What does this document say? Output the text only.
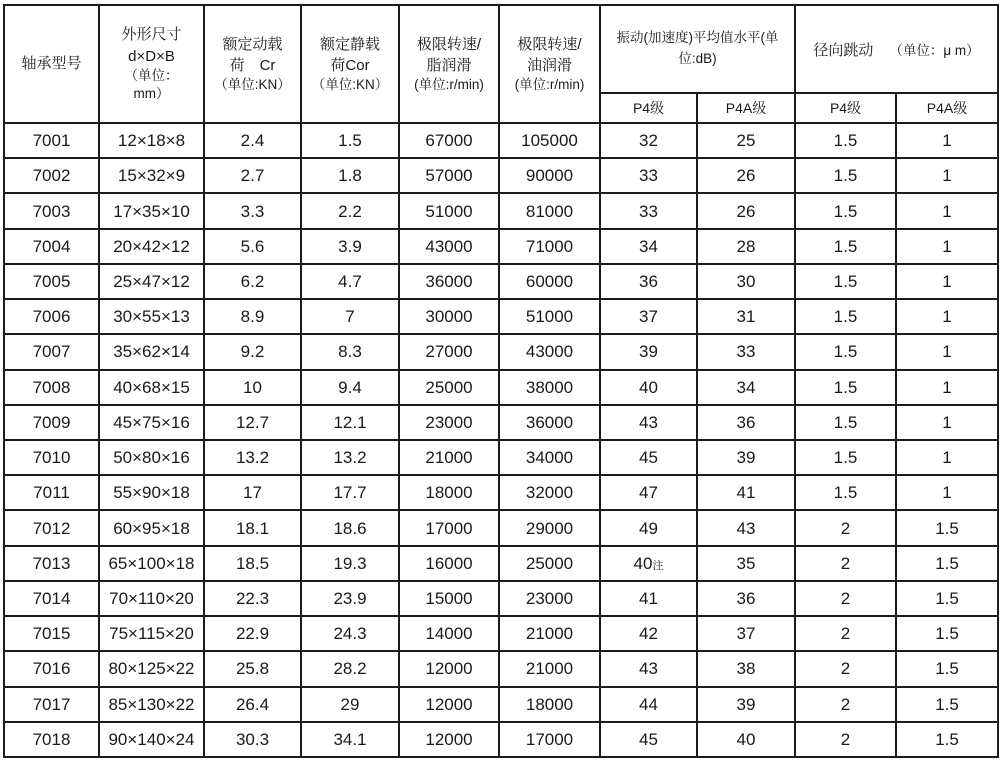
轴承型号

外形尺寸
d×D×B
（单位：
mm）

额定动载
荷　Cr
（单位:KN）

额定静载
荷Cor
（单位:KN）

极限转速/
脂润滑
(单位:r/min)

极限转速/
油润滑
(单位:r/min)

振动(加速度)平均值水平(单位:dB)	径向跳动 （单位：μ m）

						P4级	P4A级	P4级	P4A级
7001	12×18×8	2.4	1.5	67000	105000	32	25	1.5	1
7002	15×32×9	2.7	1.8	57000	90000	33	26	1.5	1
7003	17×35×10	3.3	2.2	51000	81000	33	26	1.5	1
7004	20×42×12	5.6	3.9	43000	71000	34	28	1.5	1
7005	25×47×12	6.2	4.7	36000	60000	36	30	1.5	1
7006	30×55×13	8.9	7	30000	51000	37	31	1.5	1
7007	35×62×14	9.2	8.3	27000	43000	39	33	1.5	1
7008	40×68×15	10	9.4	25000	38000	40	34	1.5	1
7009	45×75×16	12.7	12.1	23000	36000	43	36	1.5	1
7010	50×80×16	13.2	13.2	21000	34000	45	39	1.5	1
7011	55×90×18	17	17.7	18000	32000	47	41	1.5	1
7012	60×95×18	18.1	18.6	17000	29000	49	43	2	1.5
7013	65×100×18	18.5	19.3	16000	25000	40注	35	2	1.5
7014	70×110×20	22.3	23.9	15000	23000	41	36	2	1.5
7015	75×115×20	22.9	24.3	14000	21000	42	37	2	1.5
7016	80×125×22	25.8	28.2	12000	21000	43	38	2	1.5
7017	85×130×22	26.4	29	12000	18000	44	39	2	1.5
7018	90×140×24	30.3	34.1	12000	17000	45	40	2	1.5
